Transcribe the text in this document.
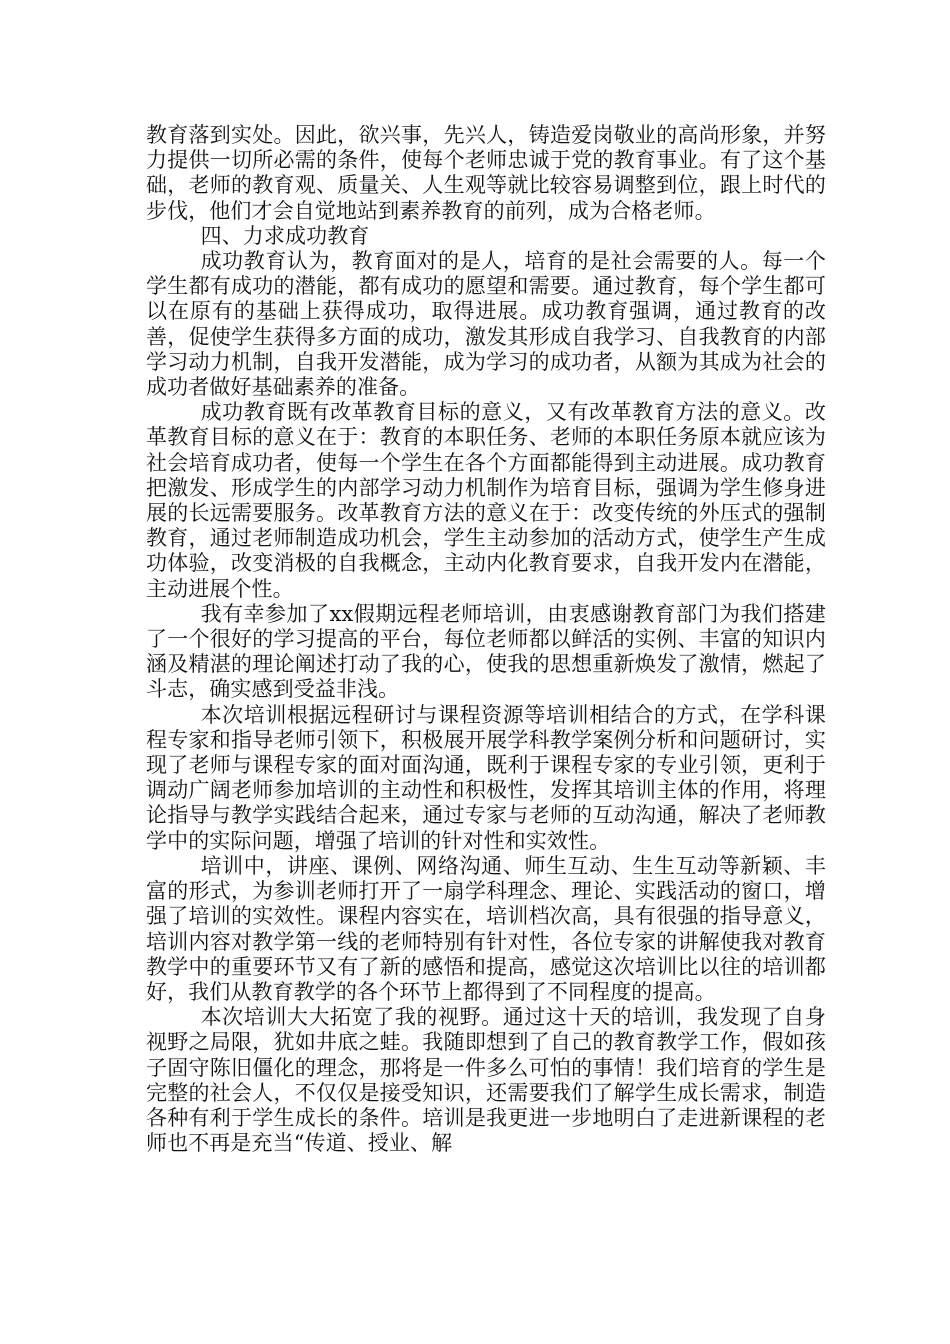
教育落到实处。因此，欲兴事，先兴人，铸造爱岗敬业的高尚形象，并努力提供一切所必需的条件，使每个老师忠诚于党的教育事业。有了这个基础，老师的教育观、质量关、人生观等就比较容易调整到位，跟上时代的步伐，他们才会自觉地站到素养教育的前列，成为合格老师。

四、力求成功教育

成功教育认为，教育面对的是人，培育的是社会需要的人。每一个学生都有成功的潜能，都有成功的愿望和需要。通过教育，每个学生都可以在原有的基础上获得成功，取得进展。成功教育强调，通过教育的改善，促使学生获得多方面的成功，激发其形成自我学习、自我教育的内部学习动力机制，自我开发潜能，成为学习的成功者，从额为其成为社会的成功者做好基础素养的准备。

成功教育既有改革教育目标的意义，又有改革教育方法的意义。改革教育目标的意义在于：教育的本职任务、老师的本职任务原本就应该为社会培育成功者，使每一个学生在各个方面都能得到主动进展。成功教育把激发、形成学生的内部学习动力机制作为培育目标，强调为学生修身进展的长远需要服务。改革教育方法的意义在于：改变传统的外压式的强制教育，通过老师制造成功机会，学生主动参加的活动方式，使学生产生成功体验，改变消极的自我概念，主动内化教育要求，自我开发内在潜能，主动进展个性。

我有幸参加了xx假期远程老师培训，由衷感谢教育部门为我们搭建了一个很好的学习提高的平台，每位老师都以鲜活的实例、丰富的知识内涵及精湛的理论阐述打动了我的心，使我的思想重新焕发了激情，燃起了斗志，确实感到受益非浅。

本次培训根据远程研讨与课程资源等培训相结合的方式，在学科课程专家和指导老师引领下，积极展开展学科教学案例分析和问题研讨，实现了老师与课程专家的面对面沟通，既利于课程专家的专业引领，更利于调动广阔老师参加培训的主动性和积极性，发挥其培训主体的作用，将理论指导与教学实践结合起来，通过专家与老师的互动沟通，解决了老师教学中的实际问题，增强了培训的针对性和实效性。

培训中，讲座、课例、网络沟通、师生互动、生生互动等新颖、丰富的形式，为参训老师打开了一扇学科理念、理论、实践活动的窗口，增强了培训的实效性。课程内容实在，培训档次高，具有很强的指导意义，培训内容对教学第一线的老师特别有针对性，各位专家的讲解使我对教育教学中的重要环节又有了新的感悟和提高，感觉这次培训比以往的培训都好，我们从教育教学的各个环节上都得到了不同程度的提高。

本次培训大大拓宽了我的视野。通过这十天的培训，我发现了自身视野之局限，犹如井底之蛙。我随即想到了自己的教育教学工作，假如孩子固守陈旧僵化的理念，那将是一件多么可怕的事情！我们培育的学生是完整的社会人，不仅仅是接受知识，还需要我们了解学生成长需求，制造各种有利于学生成长的条件。培训是我更进一步地明白了走进新课程的老师也不再是充当“传道、授业、解
